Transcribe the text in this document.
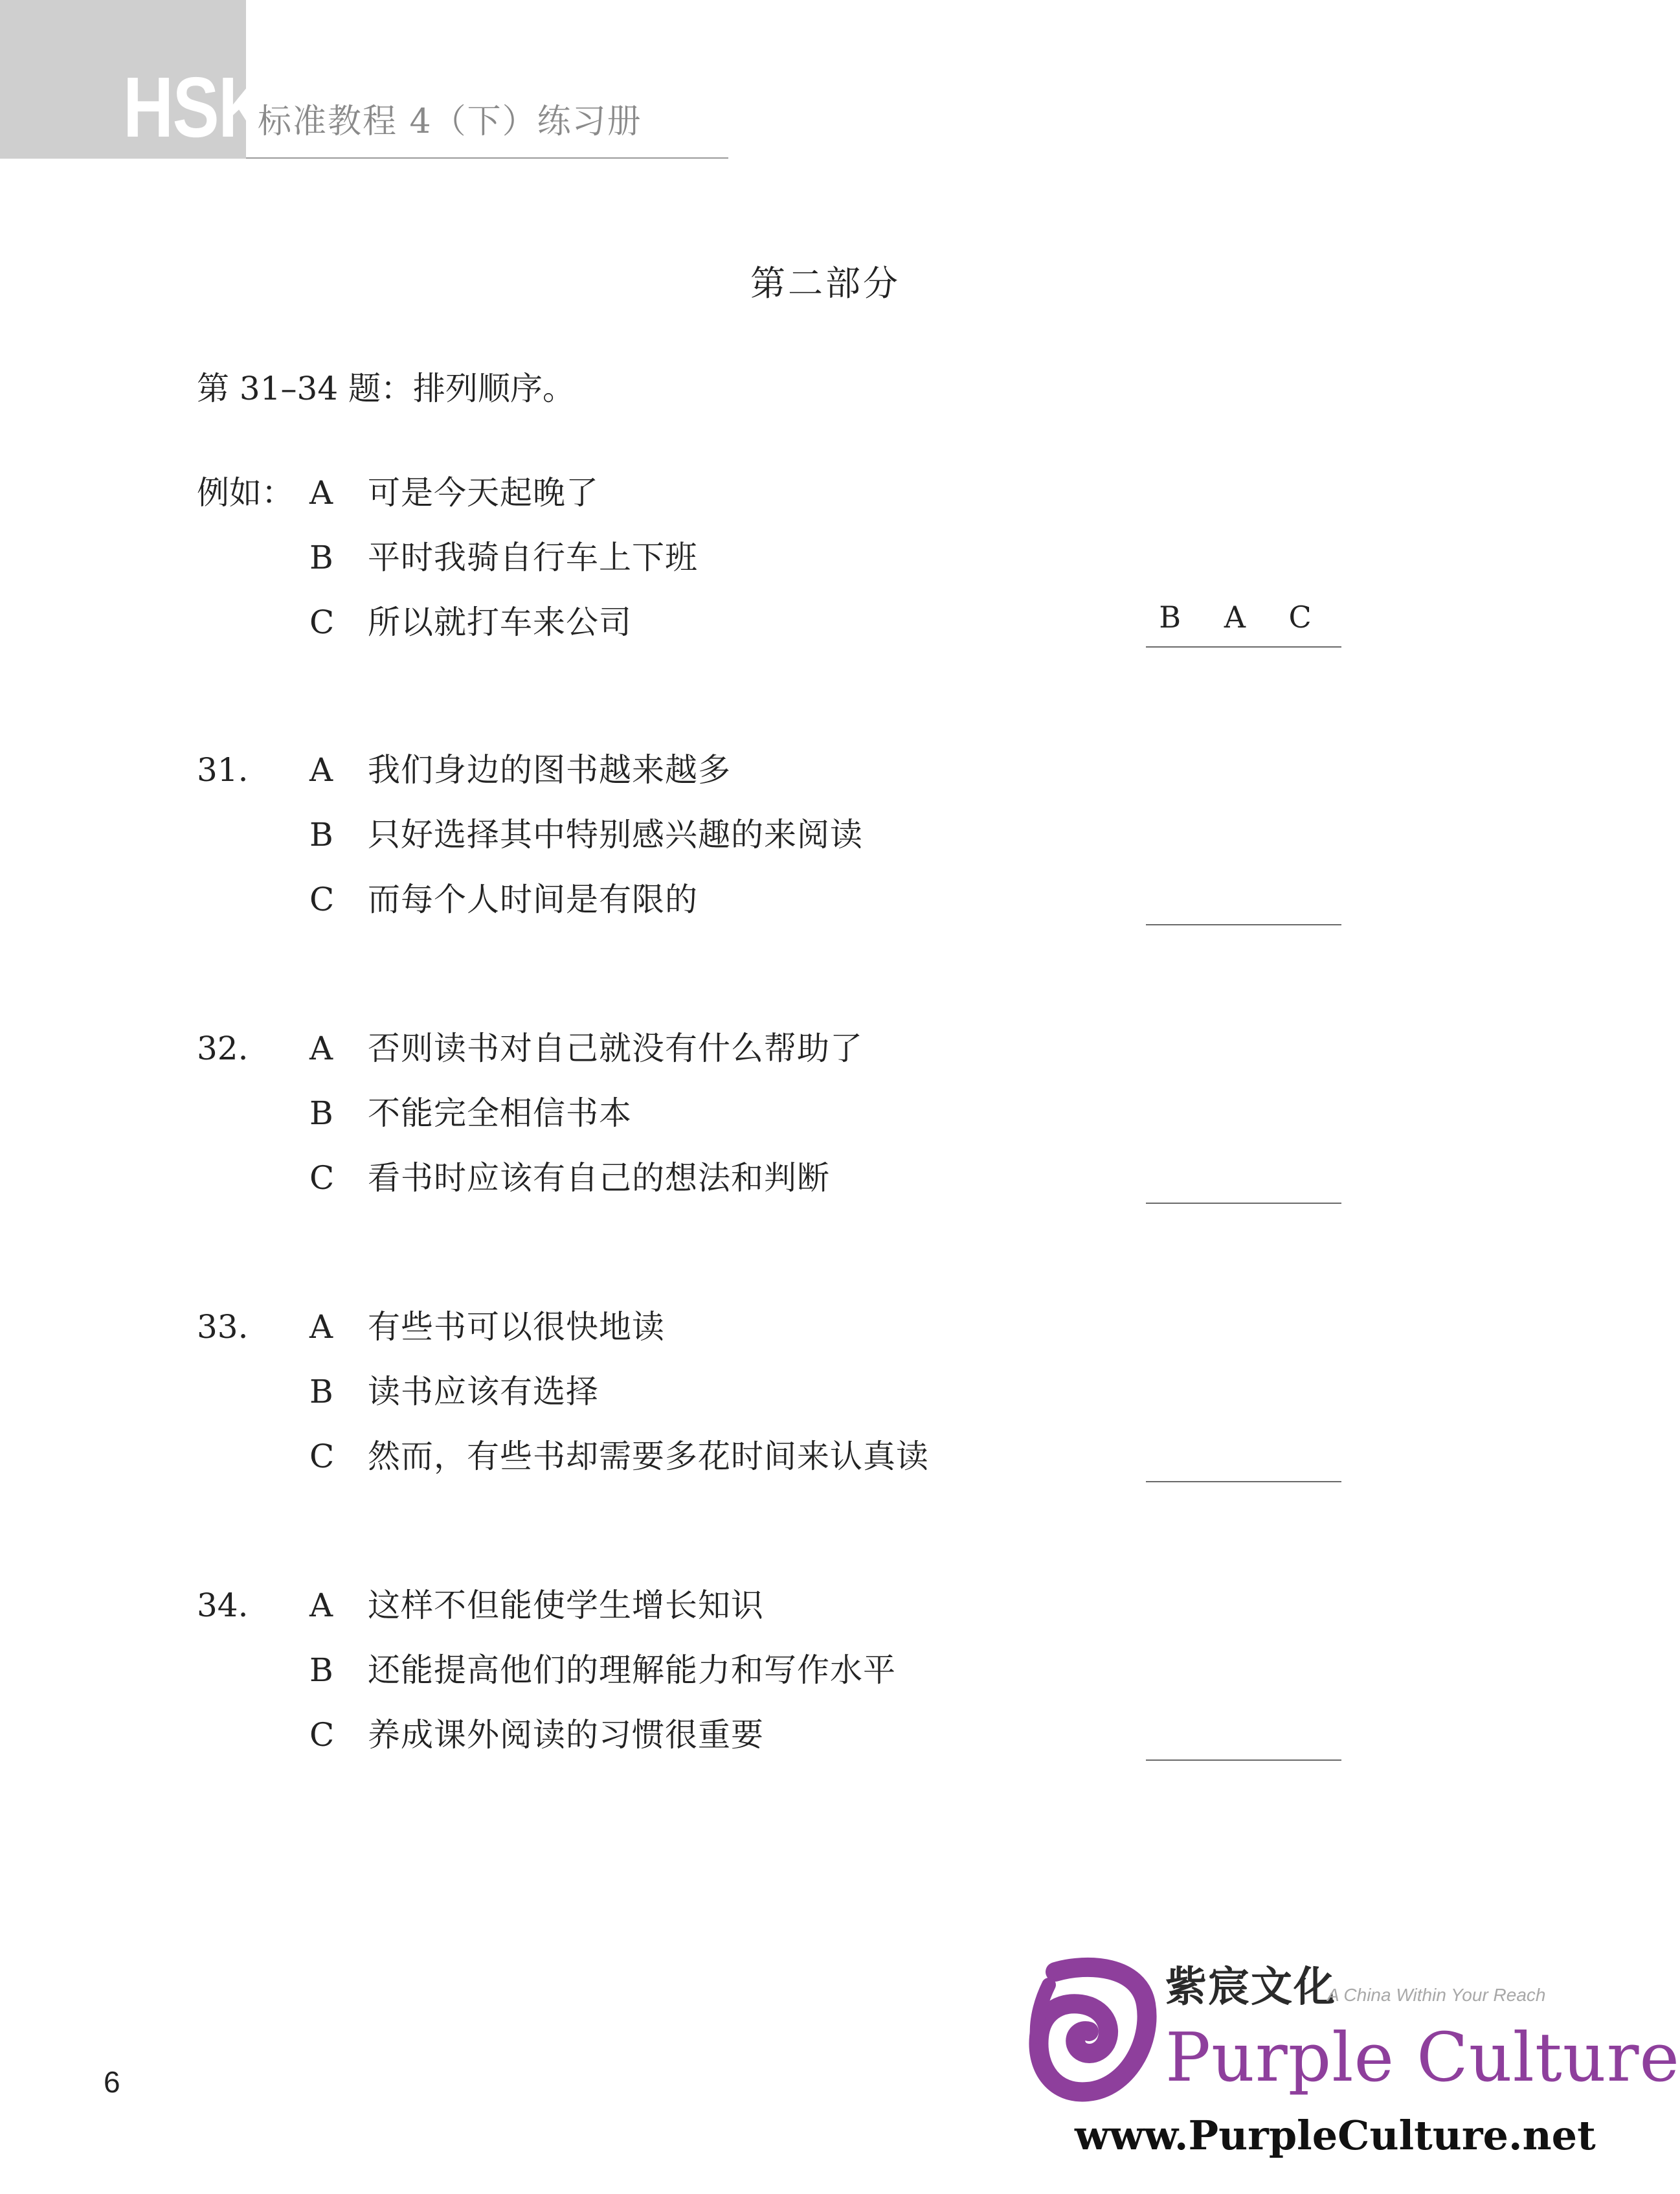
HSK
标准教程 4（下）练习册
第二部分
第 31–34 题：排列顺序。
例如： A 可是今天起晚了
B 平时我骑自行车上下班
C 所以就打车来公司	B A C
31. A 我们身边的图书越来越多
B 只好选择其中特别感兴趣的来阅读
C 而每个人时间是有限的
32. A 否则读书对自己就没有什么帮助了
B 不能完全相信书本
C 看书时应该有自己的想法和判断
33. A 有些书可以很快地读
B 读书应该有选择
C 然而，有些书却需要多花时间来认真读
34. A 这样不但能使学生增长知识
B 还能提高他们的理解能力和写作水平
C 养成课外阅读的习惯很重要
6
紫宸文化
A China Within Your Reach
Purple Culture
www.PurpleCulture.net
